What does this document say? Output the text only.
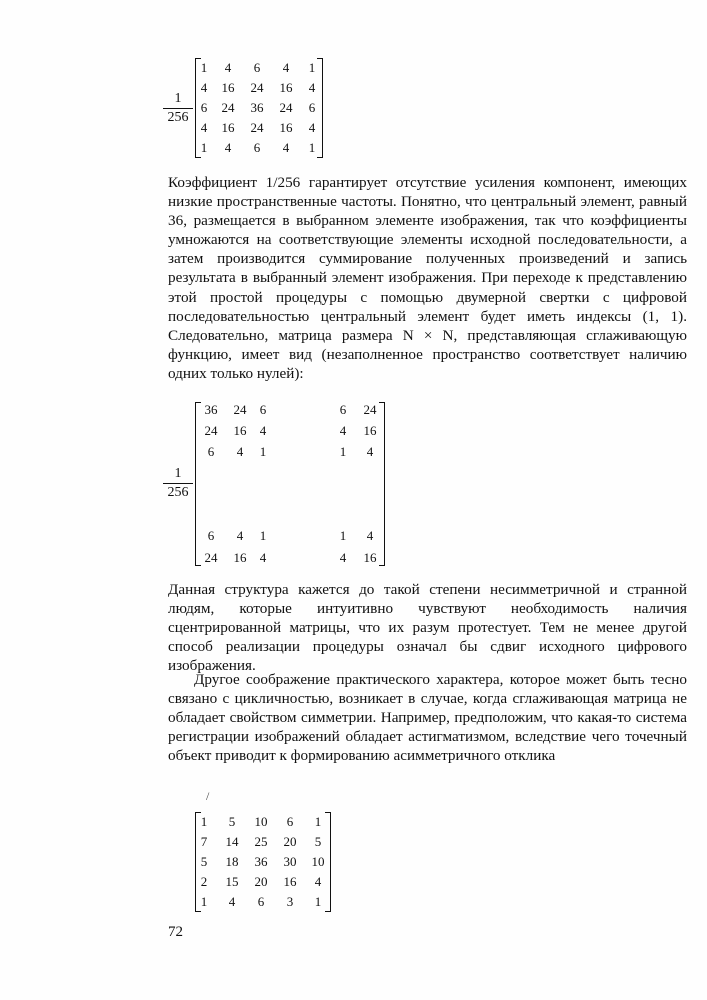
1
256
1	4	6	4	1
4	16	24	16	4
6	24	36	24	6
4	16	24	16	4
1	4	6	4	1

Коэффициент 1/256 гарантирует отсутствие усиления компонент, имеющих низкие пространственные частоты. Понятно, что центральный элемент, равный 36, размещается в выбранном элементе изображения, так что коэффициенты умножаются на соответствующие элементы исходной последовательности, а затем производится суммирование полученных произведений и запись результата в выбранный элемент изображения. При переходе к представлению этой простой процедуры с помощью двумерной свертки с цифровой последовательностью центральный элемент будет иметь индексы (1, 1). Следовательно, матрица размера N × N, представляющая сглаживающую функцию, имеет вид (незаполненное пространство соответствует наличию одних только нулей):

1
256
36	24	6	6	24
24	16	4	4	16
6	4	1	1	4
6	4	1	1	4
24	16	4	4	16

Данная структура кажется до такой степени несимметричной и странной людям, которые интуитивно чувствуют необходимость наличия сцентрированной матрицы, что их разум протестует. Тем не менее другой способ реализации процедуры означал бы сдвиг исходного цифрового изображения.

Другое соображение практического характера, которое может быть тесно связано с цикличностью, возникает в случае, когда сглаживающая матрица не обладает свойством симметрии. Например, предположим, что какая-то система регистрации изображений обладает астигматизмом, вследствие чего точечный объект приводит к формированию асимметричного отклика

/
1	5	10	6	1
7	14	25	20	5
5	18	36	30	10
2	15	20	16	4
1	4	6	3	1
72
